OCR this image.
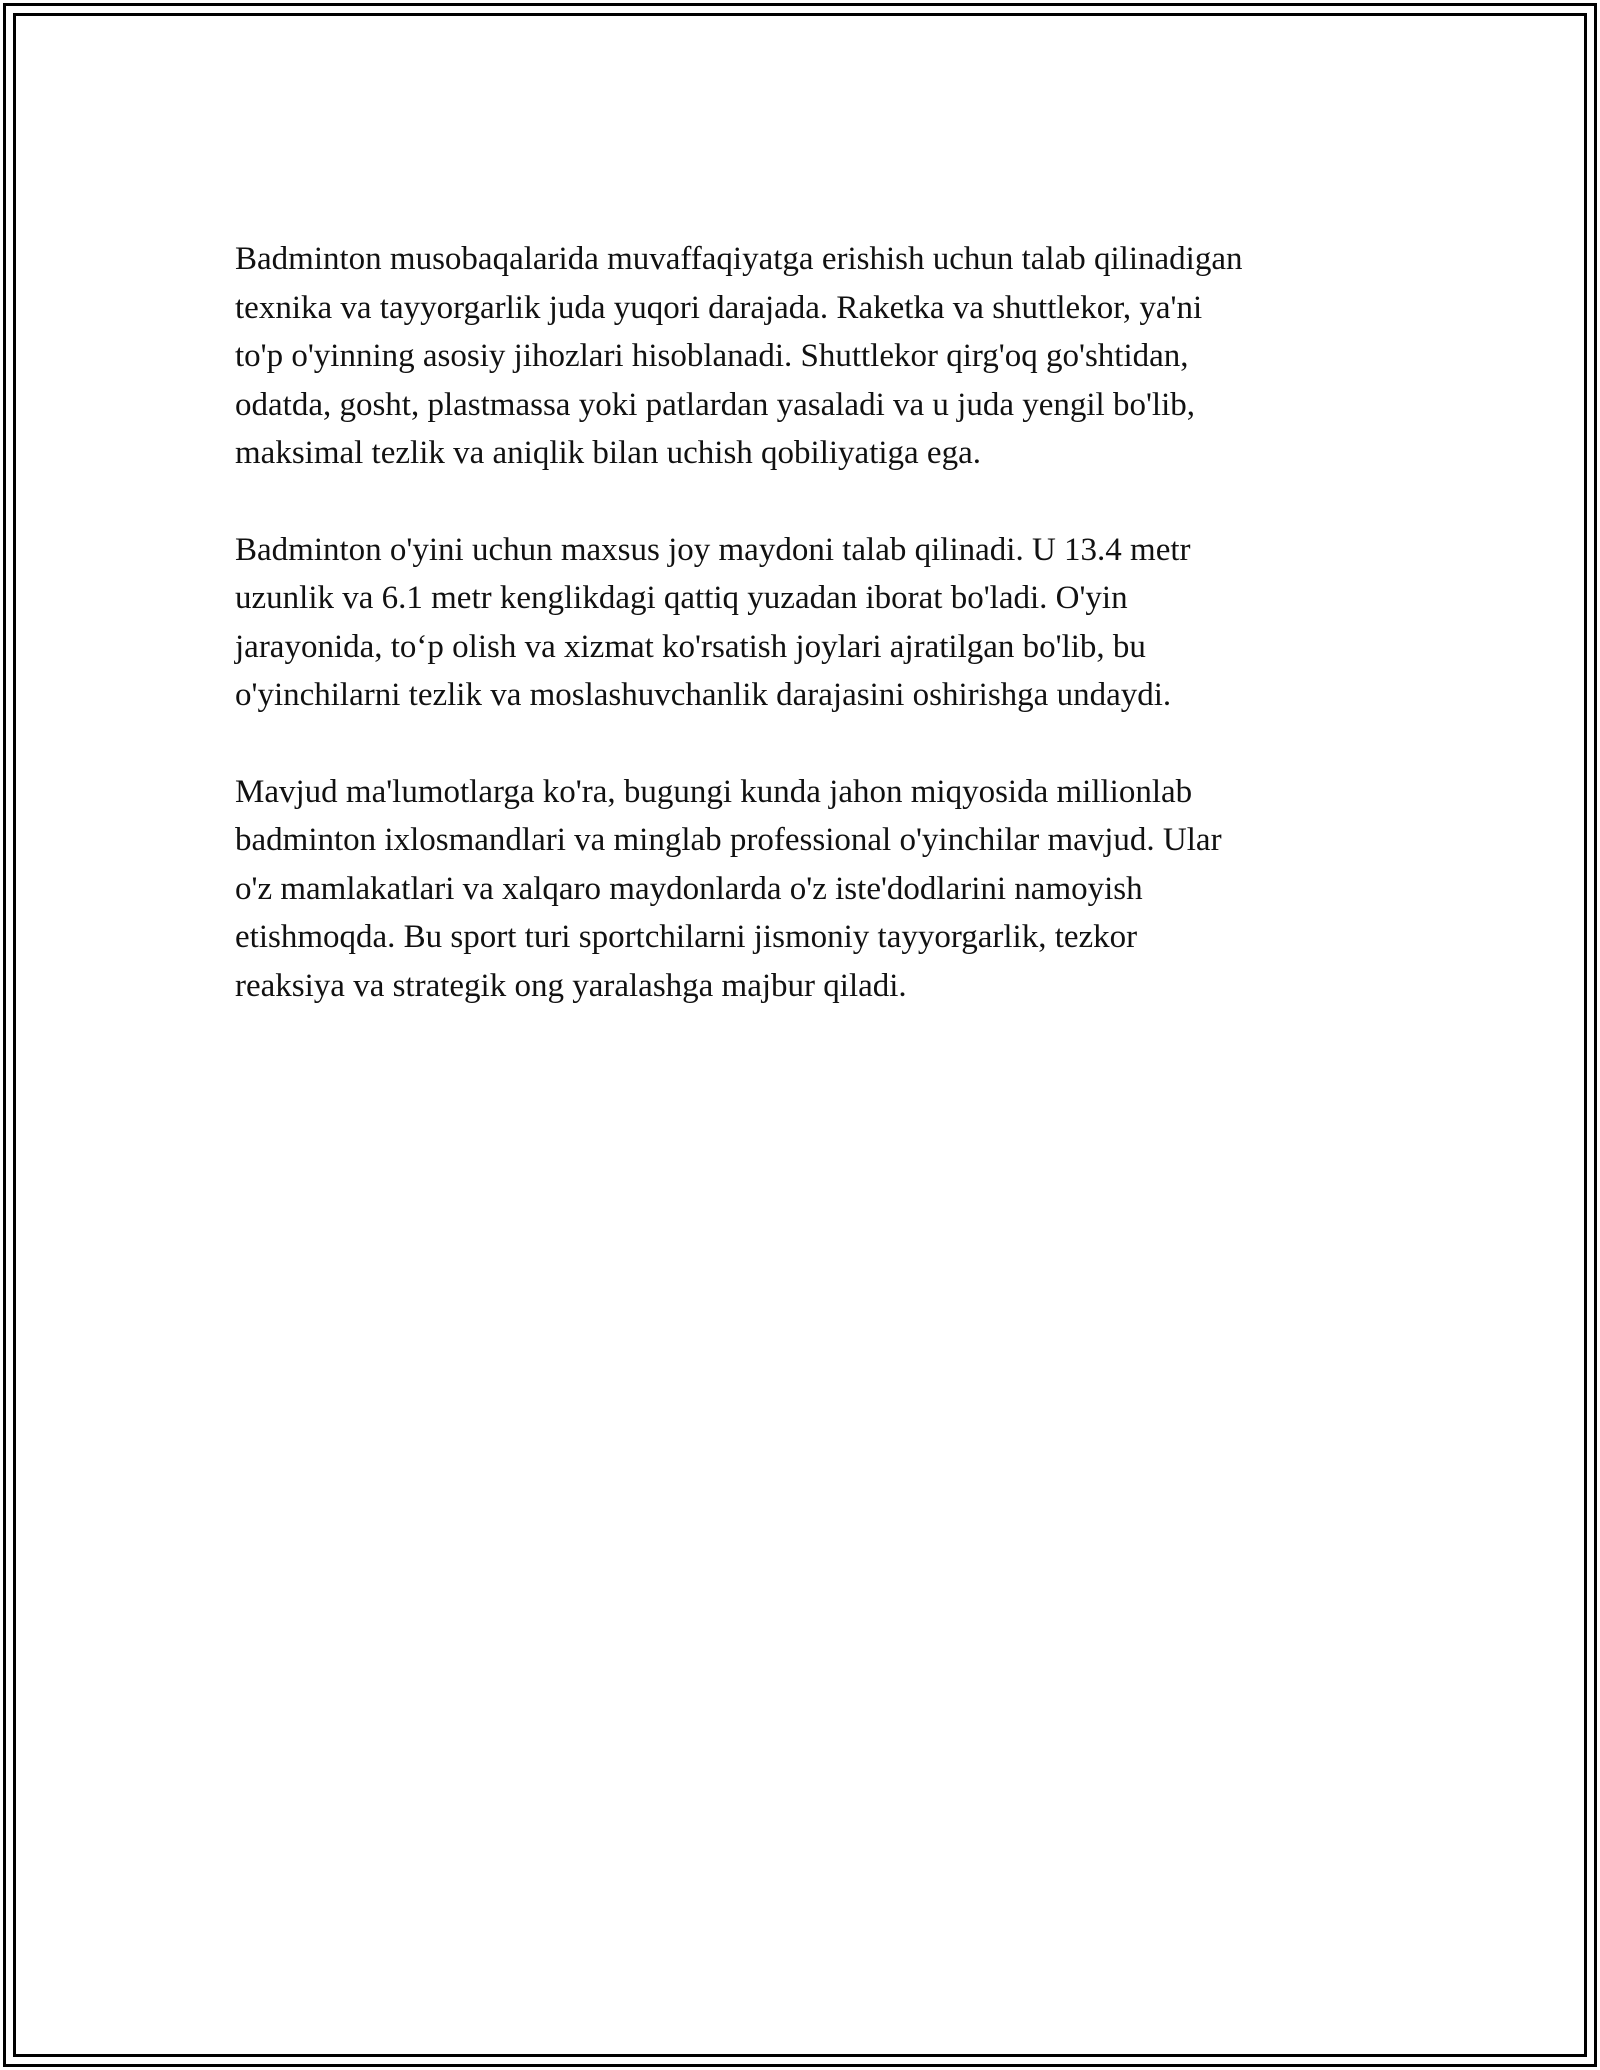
Badminton musobaqalarida muvaffaqiyatga erishish uchun talab qilinadigan
texnika va tayyorgarlik juda yuqori darajada. Raketka va shuttlekor, ya'ni
to'p o'yinning asosiy jihozlari hisoblanadi. Shuttlekor qirg'oq go'shtidan,
odatda, gosht, plastmassa yoki patlardan yasaladi va u juda yengil bo'lib,
maksimal tezlik va aniqlik bilan uchish qobiliyatiga ega.

Badminton o'yini uchun maxsus joy maydoni talab qilinadi. U 13.4 metr
uzunlik va 6.1 metr kenglikdagi qattiq yuzadan iborat bo'ladi. O'yin
jarayonida, to‘p olish va xizmat ko'rsatish joylari ajratilgan bo'lib, bu
o'yinchilarni tezlik va moslashuvchanlik darajasini oshirishga undaydi.

Mavjud ma'lumotlarga ko'ra, bugungi kunda jahon miqyosida millionlab
badminton ixlosmandlari va minglab professional o'yinchilar mavjud. Ular
o'z mamlakatlari va xalqaro maydonlarda o'z iste'dodlarini namoyish
etishmoqda. Bu sport turi sportchilarni jismoniy tayyorgarlik, tezkor
reaksiya va strategik ong yaralashga majbur qiladi.
